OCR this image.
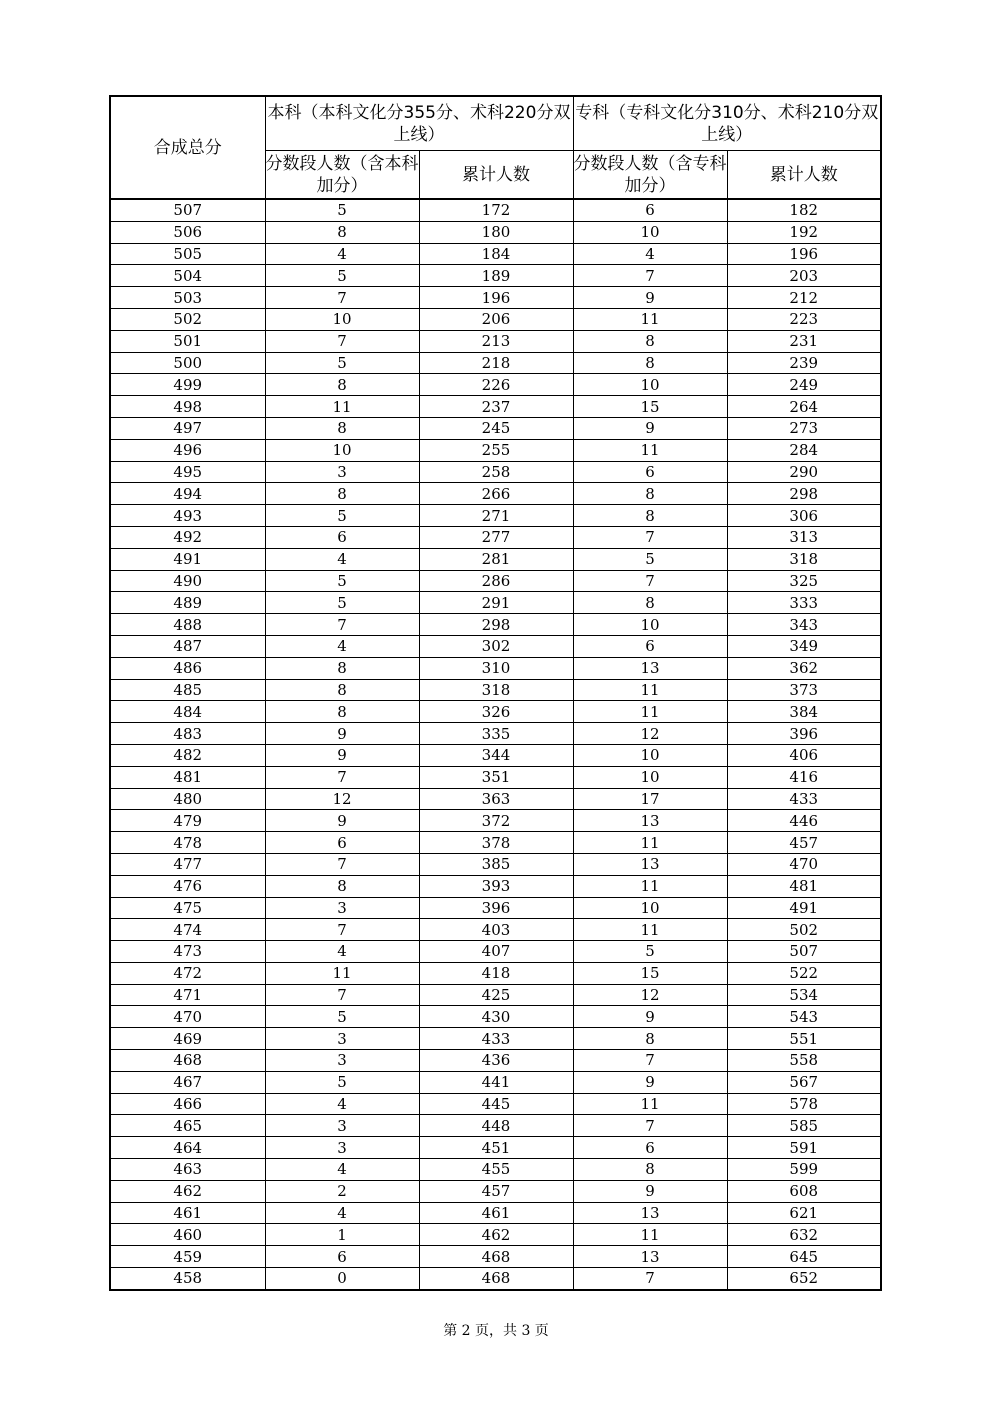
合成总分	本科（本科文化分355分、术科220分双上线）		专科（专科文化分310分、术科210分双上线）	
	分数段人数（含本科加分）	累计人数	分数段人数（含专科加分）	累计人数
507	5	172	6	182
506	8	180	10	192
505	4	184	4	196
504	5	189	7	203
503	7	196	9	212
502	10	206	11	223
501	7	213	8	231
500	5	218	8	239
499	8	226	10	249
498	11	237	15	264
497	8	245	9	273
496	10	255	11	284
495	3	258	6	290
494	8	266	8	298
493	5	271	8	306
492	6	277	7	313
491	4	281	5	318
490	5	286	7	325
489	5	291	8	333
488	7	298	10	343
487	4	302	6	349
486	8	310	13	362
485	8	318	11	373
484	8	326	11	384
483	9	335	12	396
482	9	344	10	406
481	7	351	10	416
480	12	363	17	433
479	9	372	13	446
478	6	378	11	457
477	7	385	13	470
476	8	393	11	481
475	3	396	10	491
474	7	403	11	502
473	4	407	5	507
472	11	418	15	522
471	7	425	12	534
470	5	430	9	543
469	3	433	8	551
468	3	436	7	558
467	5	441	9	567
466	4	445	11	578
465	3	448	7	585
464	3	451	6	591
463	4	455	8	599
462	2	457	9	608
461	4	461	13	621
460	1	462	11	632
459	6	468	13	645
458	0	468	7	652
第 2 页，共 3 页
